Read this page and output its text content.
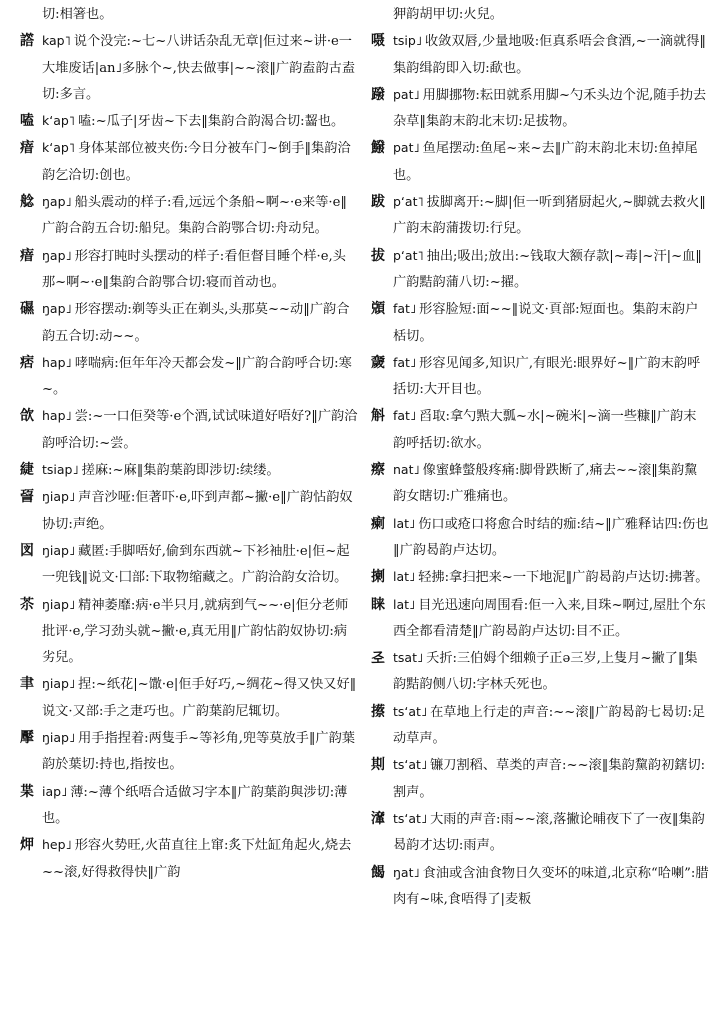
切:相箸也。
譗 kap˥ 说个没完:~七~八讲话杂乱无章|佢过来~讲·e一大堆废话|an˩多脉个~,快去做事|~~滚‖广韵盍韵古盍切:多言。
嗑 k‘ap˥ 嗑:~瓜子|牙齿~下去‖集韵合韵渴合切:齧也。
瘖 k‘ap˥ 身体某部位被夹伤:今日分被车门~倒手‖集韵洽韵乞洽切:创也。
艌 ŋap˩ 船头震动的样子:看,远远个条船~啊~·e来等·e‖广韵合韵五合切:船兒。集韵合韵鄂合切:舟动兒。
瘖 ŋap˩ 形容打盹时头摆动的样子:看佢督目睡个样·e,头那~啊~·e‖集韵合韵鄂合切:寝而首动也。
礘 ŋap˩ 形容摆动:剃等头正在剃头,头那莫~~动‖广韵合韵五合切:动~~。
痞 hap˩ 哮喘病:佢年年冷天都会发~‖广韵合韵呼合切:寒~。
欱 hap˩ 尝:~一口佢癸等·e个酒,试试味道好唔好?‖广韵洽韵呼洽切:~尝。
緁 tsiap˩ 搓麻:~麻‖集韵葉韵即涉切:续缕。
䛒 ŋiap˩ 声音沙哑:佢著吓·e,吓到声都~撇·e‖广韵怗韵奴协切:声绝。
図 ŋiap˩ 藏匿:手脚唔好,偷到东西就~下衫袖肚·e|佢~起一兜钱‖说文·囗部:下取物缩藏之。广韵洽韵女洽切。
苶 ŋiap˩ 精神萎靡:病·e半只月,就病到气~~·e|佢分老师批评·e,学习劲头就~撇·e,真无用‖广韵怗韵奴协切:病劣兒。
聿 ŋiap˩ 捏:~纸花|~馓·e|佢手好巧,~绸花~得又快又好‖说文·又部:手之疌巧也。广韵葉韵尼辄切。
擪 ŋiap˩ 用手指捏着:两隻手~等衫角,兜等莫放手‖广韵葉韵於葉切:持也,指按也。
枼 iap˩ 薄:~薄个纸唔合适做习字本‖广韵葉韵與涉切:薄也。
炠 hep˩ 形容火势旺,火苗直往上窜:炙下灶缸角起火,烧去~~滚,好得救得快‖广韵
狎韵胡甲切:火兒。
嗫 tsip˩ 收敛双唇,少量地吸:佢真系唔会食酒,~一滴就得‖集韵缉韵即入切:歃也。
蹳 pat˩ 用脚挪物:耘田就系用脚~勺禾头边个泥,随手扐去杂草‖集韵末韵北末切:足拔物。
鱍 pat˩ 鱼尾摆动:鱼尾~来~去‖广韵末韵北末切:鱼掉尾也。
跋 p‘at˥ 拔脚离开:~脚|佢一听到猪厨起火,~脚就去救火‖广韵末韵蒲拨切:行兒。
拔 p‘at˥ 抽出;吸出;放出:~钱取大额存款|~毒|~汗|~血‖广韵黠韵蒲八切:~擢。
䫄 fat˩ 形容脸短:面~~‖说文·頁部:短面也。集韵末韵户栝切。
奯 fat˩ 形容见闻多,知识广,有眼光:眼界好~‖广韵末韵呼括切:大开目也。
斛 fat˩ 舀取:拿勺㸃大瓢~水|~碗米|~滴一些糠‖广韵末韵呼括切:欲水。
瘵 nat˩ 像蜜蜂螫般疼痛:脚骨跌断了,痛去~~滚‖集韵黧韵女瞎切:广雅痛也。
瘌 lat˩ 伤口或疮口将愈合时结的痂:结~‖广雅释诂四:伤也‖广韵曷韵卢达切。
揦 lat˩ 轻拂:拿扫把来~一下地泥‖广韵曷韵卢达切:拂著。
睐 lat˩ 目光迅速向周围看:佢一入来,目珠~啊过,屋肚个东西全都看清楚‖广韵曷韵卢达切:目不正。
𢀖 tsat˩ 夭折:三伯姆个细赖子正ǝ三岁,上隻月~撇了‖集韵黠韵侧八切:字林夭死也。
攃 ts‘at˩ 在草地上行走的声音:~~滚‖广韵曷韵七曷切:足动草声。
剘 ts‘at˩ 镰刀割稻、草类的声音:~~滚‖集韵黧韵初鎋切:割声。
㵮 ts‘at˩ 大雨的声音:雨~~滚,落撇论晡夜下了一夜‖集韵曷韵才达切:雨声。
餲 ŋat˩ 食油或含油食物日久变坏的味道,北京称“哈喇”:腊肉有~味,食唔得了|麦粄
